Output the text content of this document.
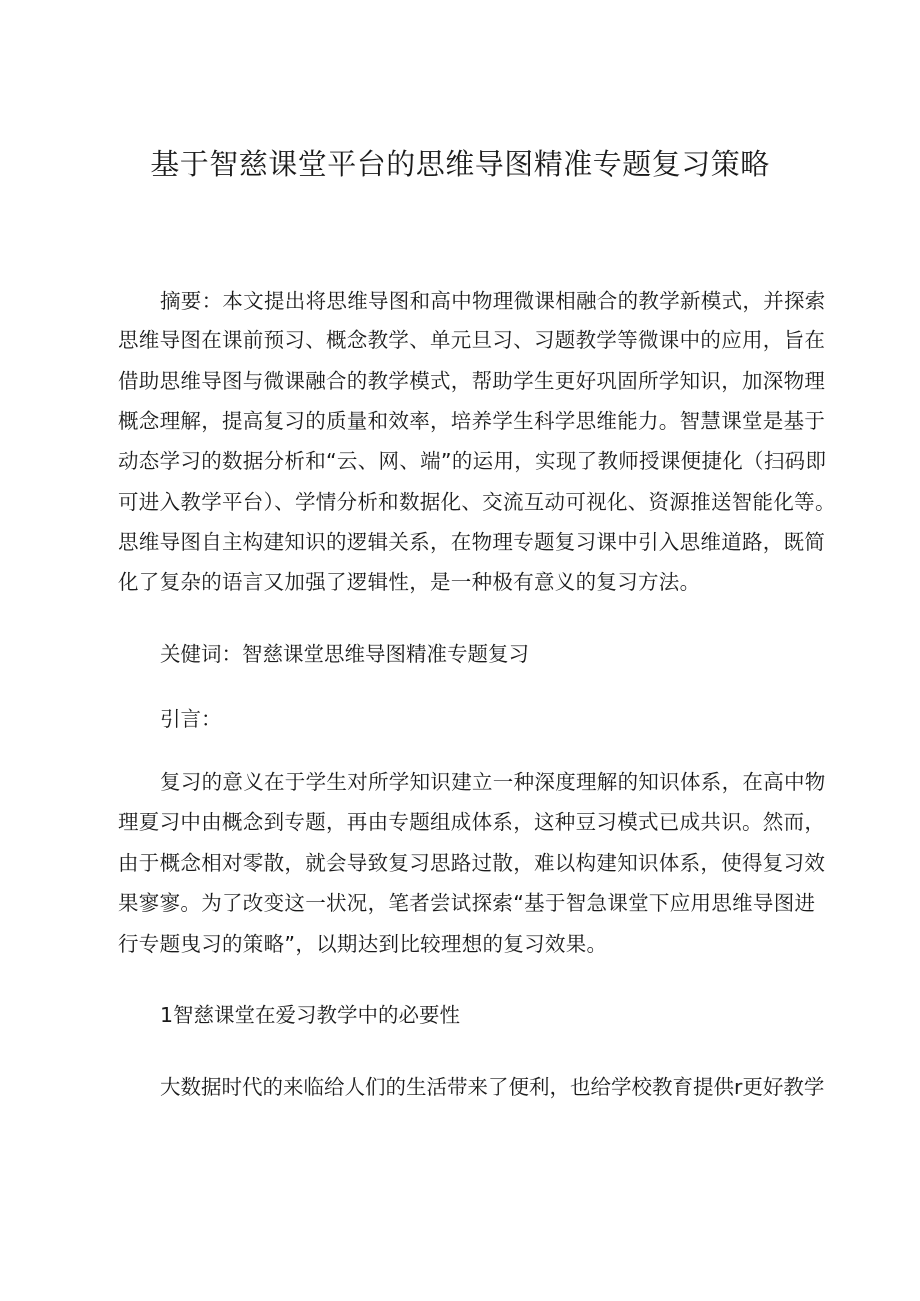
基于智慈课堂平台的思维导图精准专题复习策略
摘要：本文提出将思维导图和高中物理微课相融合的教学新模式，并探索
思维导图在课前预习、概念教学、单元旦习、习题教学等微课中的应用，旨在
借助思维导图与微课融合的教学模式，帮助学生更好巩固所学知识，加深物理
概念理解，提高复习的质量和效率，培养学生科学思维能力。智慧课堂是基于
动态学习的数据分析和“云、网、端”的运用，实现了教师授课便捷化（扫码即
可进入教学平台）、学情分析和数据化、交流互动可视化、资源推送智能化等。
思维导图自主构建知识的逻辑关系，在物理专题复习课中引入思维道路，既简
化了复杂的语言又加强了逻辑性，是一种极有意义的复习方法。
关健词：智慈课堂思维导图精准专题复习
引言：
复习的意义在于学生对所学知识建立一种深度理解的知识体系，在高中物
理夏习中由概念到专题，再由专题组成体系，这种豆习模式已成共识。然而，
由于概念相对零散，就会导致复习思路过散，难以构建知识体系，使得复习效
果寥寥。为了改变这一状况，笔者尝试探索“基于智急课堂下应用思维导图进
行专题曳习的策略”，以期达到比较理想的复习效果。
1智慈课堂在爱习教学中的必要性
大数据时代的来临给人们的生活带来了便利，也给学校教育提供r更好教学
